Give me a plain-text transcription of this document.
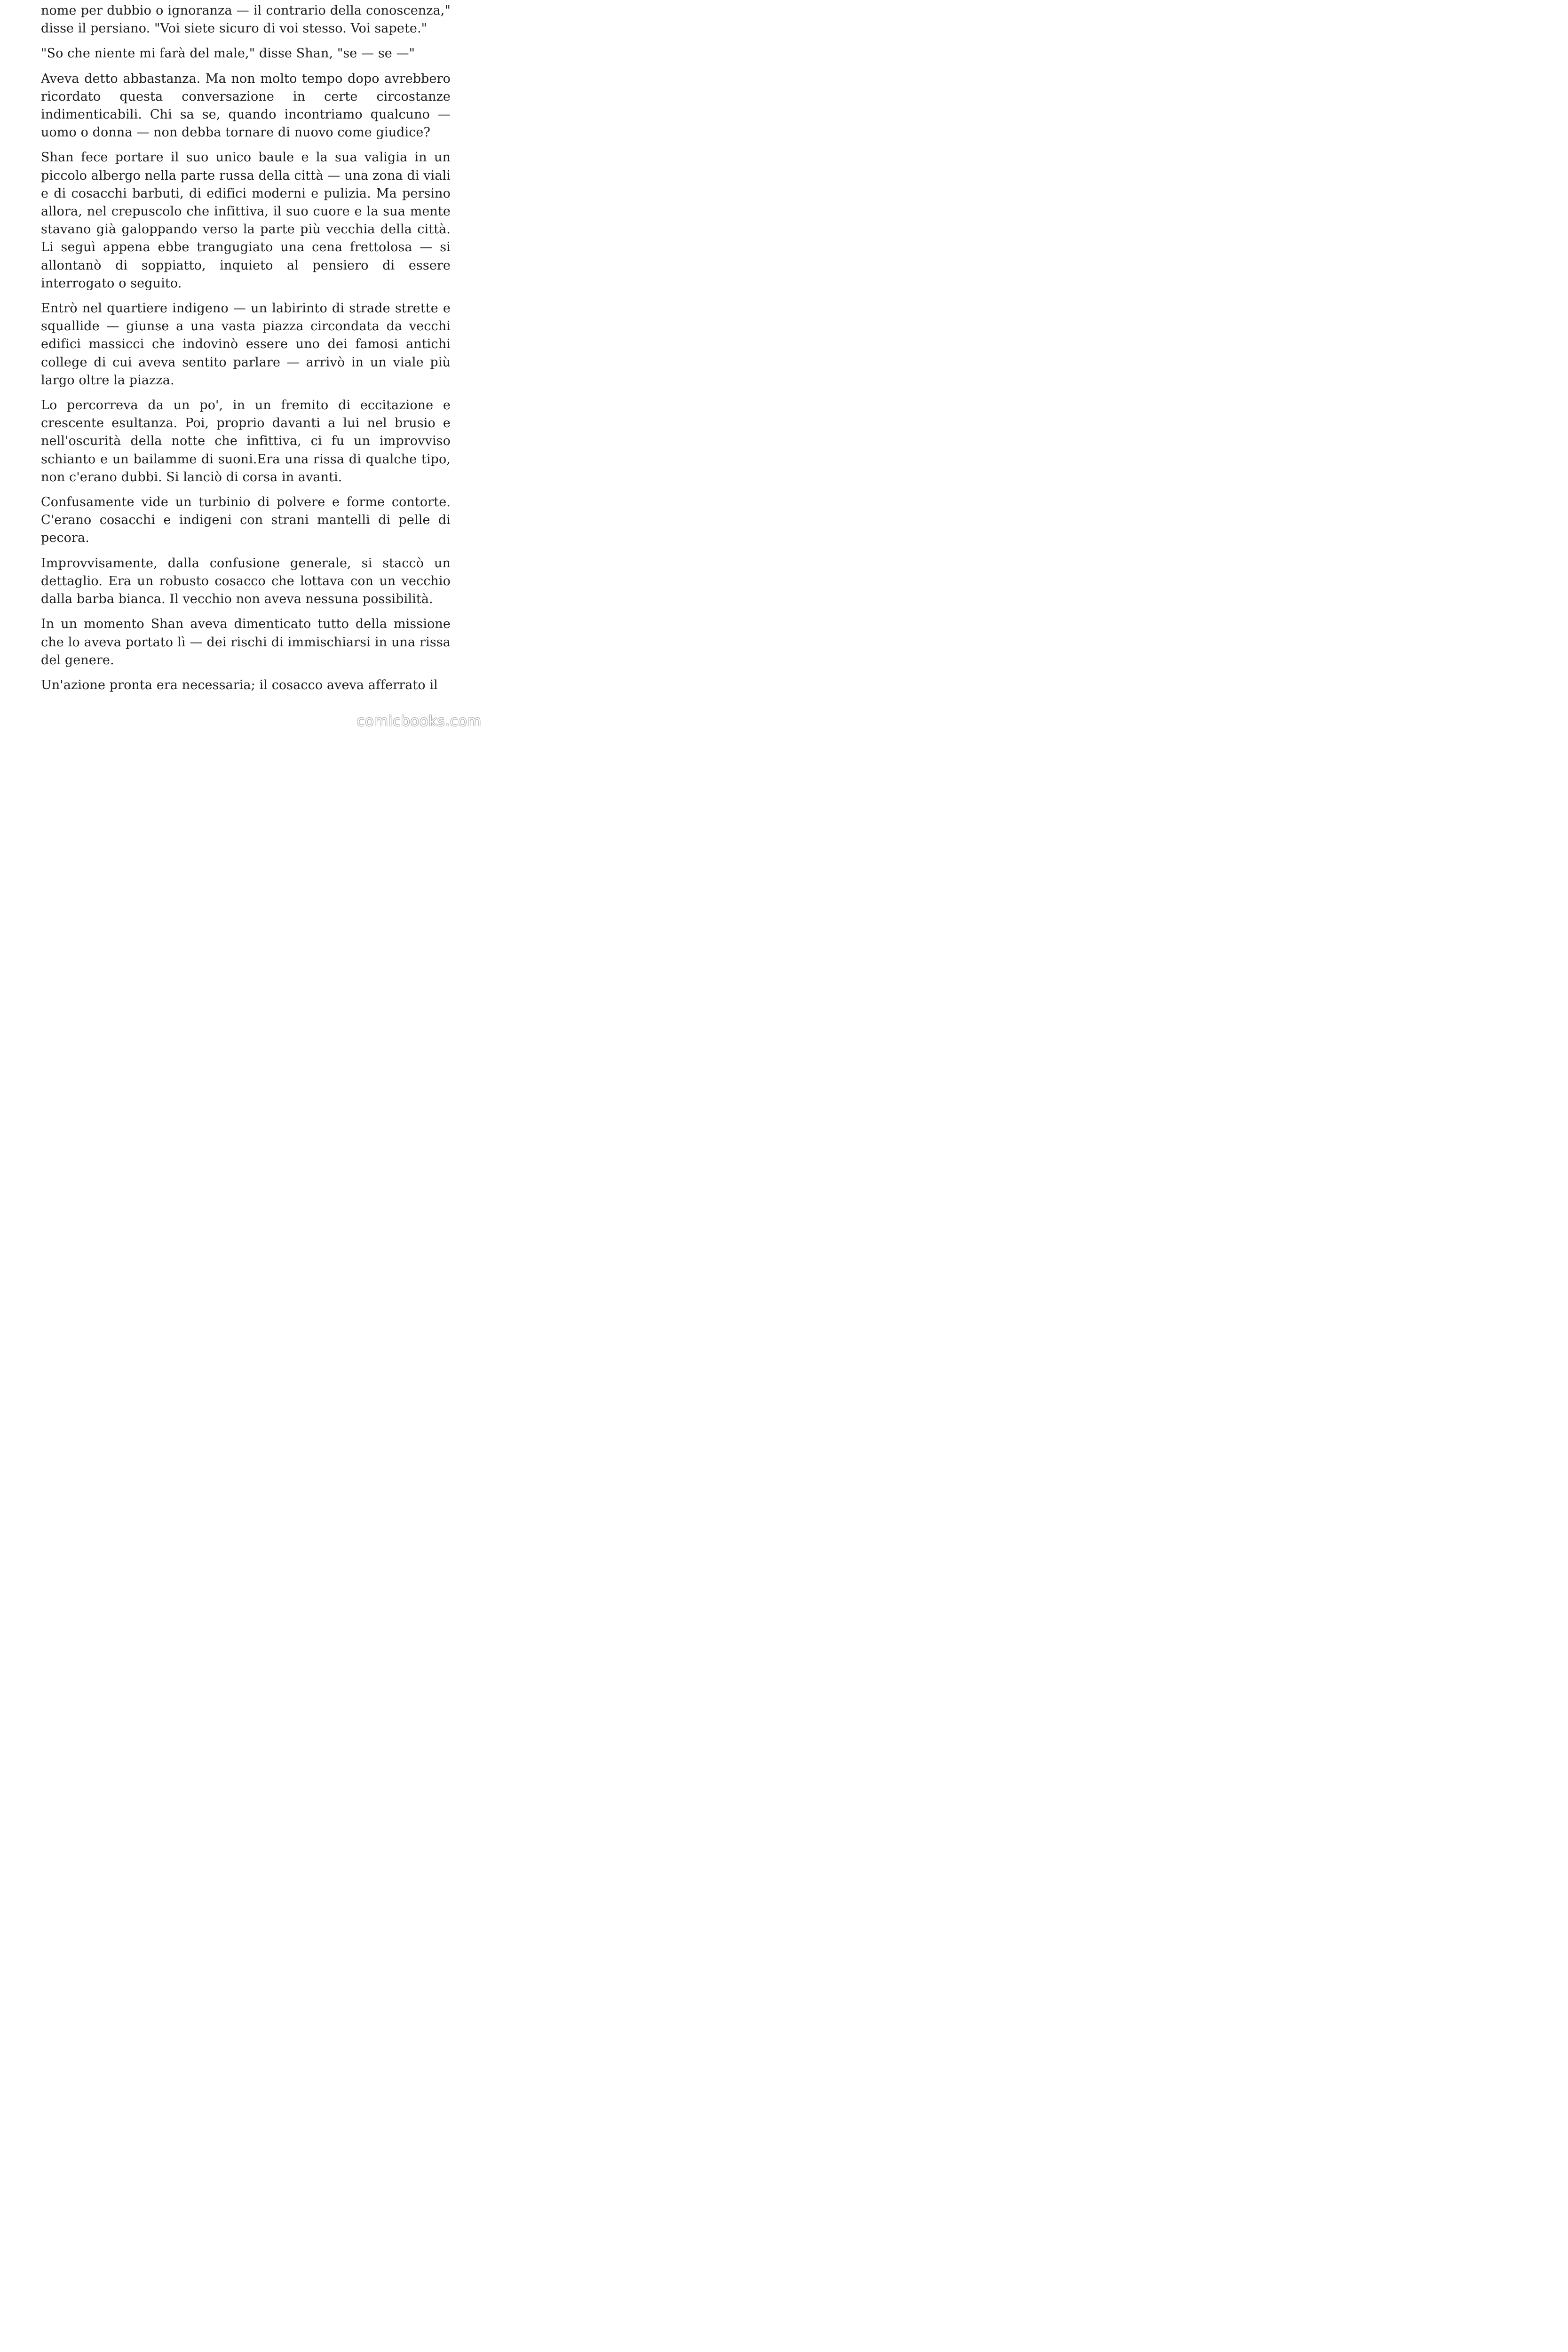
nome per dubbio o ignoranza — il contrario della conoscenza," disse il persiano. "Voi siete sicuro di voi stesso. Voi sapete."

"So che niente mi farà del male," disse Shan, "se — se —"

Aveva detto abbastanza. Ma non molto tempo dopo avrebbero ricordato questa conversazione in certe circostanze indimenticabili. Chi sa se, quando incontriamo qualcuno — uomo o donna — non debba tornare di nuovo come giudice?

Shan fece portare il suo unico baule e la sua valigia in un piccolo albergo nella parte russa della città — una zona di viali e di cosacchi barbuti, di edifici moderni e pulizia. Ma persino allora, nel crepuscolo che infittiva, il suo cuore e la sua mente stavano già galoppando verso la parte più vecchia della città. Li seguì appena ebbe trangugiato una cena frettolosa — si allontanò di soppiatto, inquieto al pensiero di essere interrogato o seguito.

Entrò nel quartiere indigeno — un labirinto di strade strette e squallide — giunse a una vasta piazza circondata da vecchi edifici massicci che indovinò essere uno dei famosi antichi college di cui aveva sentito parlare — arrivò in un viale più largo oltre la piazza.

Lo percorreva da un po', in un fremito di eccitazione e crescente esultanza. Poi, proprio davanti a lui nel brusio e nell'oscurità della notte che infittiva, ci fu un improvviso schianto e un bailamme di suoni.Era una rissa di qualche tipo, non c'erano dubbi. Si lanciò di corsa in avanti.

Confusamente vide un turbinio di polvere e forme contorte. C'erano cosacchi e indigeni con strani mantelli di pelle di pecora.

Improvvisamente, dalla confusione generale, si staccò un dettaglio. Era un robusto cosacco che lottava con un vecchio dalla barba bianca. Il vecchio non aveva nessuna possibilità.

In un momento Shan aveva dimenticato tutto della missione che lo aveva portato lì — dei rischi di immischiarsi in una rissa del genere.

Un'azione pronta era necessaria; il cosacco aveva afferrato il

comicbooks.com
